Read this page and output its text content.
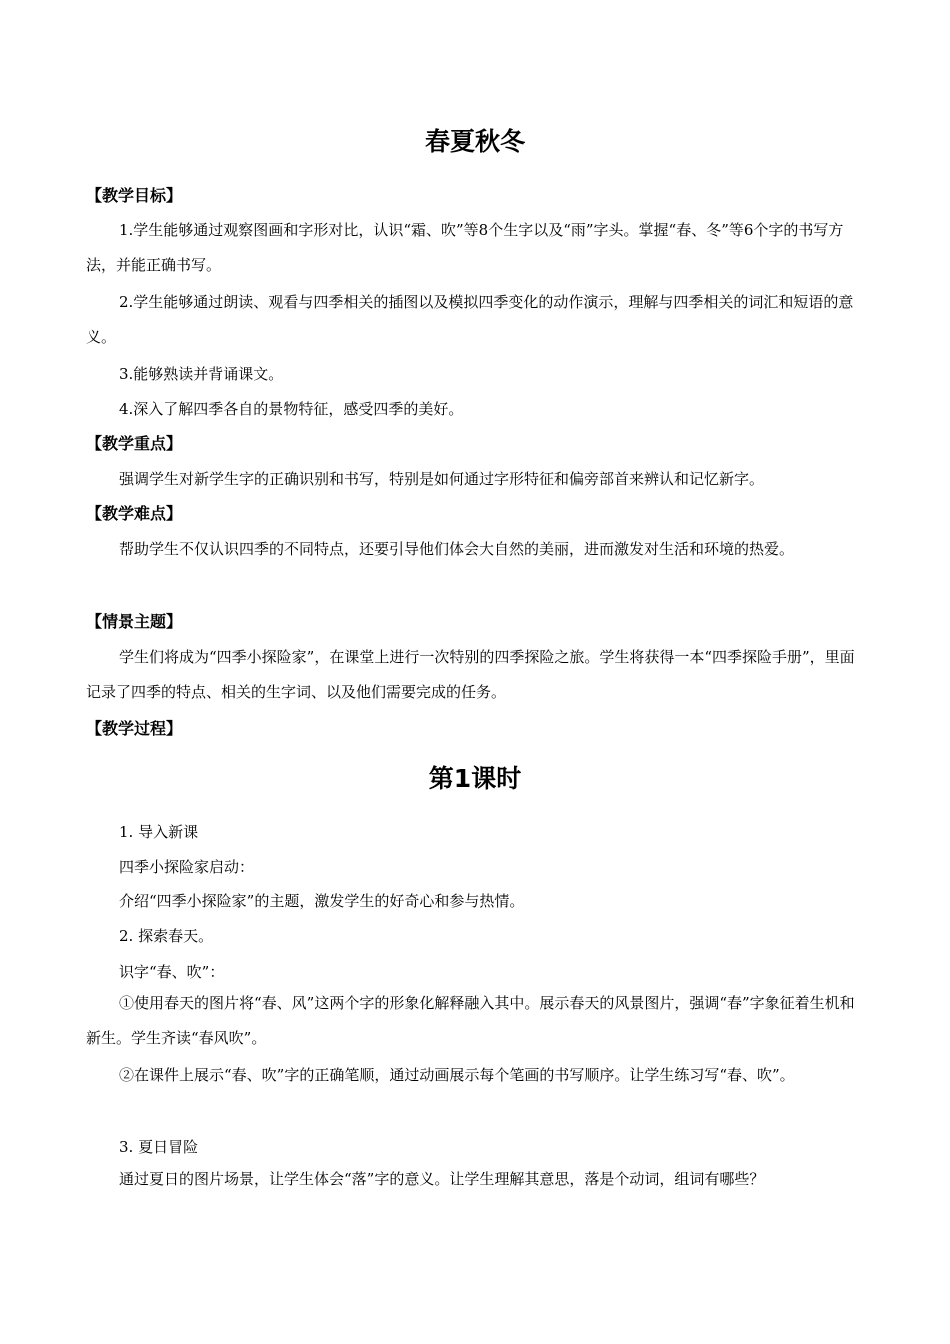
春夏秋冬
【教学目标】

1.学生能够通过观察图画和字形对比，认识“霜、吹”等8个生字以及“雨”字头。掌握“春、冬”等6个字的书写方法，并能正确书写。

2.学生能够通过朗读、观看与四季相关的插图以及模拟四季变化的动作演示，理解与四季相关的词汇和短语的意义。

3.能够熟读并背诵课文。

4.深入了解四季各自的景物特征，感受四季的美好。

【教学重点】

强调学生对新学生字的正确识别和书写，特别是如何通过字形特征和偏旁部首来辨认和记忆新字。

【教学难点】

帮助学生不仅认识四季的不同特点，还要引导他们体会大自然的美丽，进而激发对生活和环境的热爱。

【情景主题】

学生们将成为“四季小探险家”，在课堂上进行一次特别的四季探险之旅。学生将获得一本“四季探险手册”，里面记录了四季的特点、相关的生字词、以及他们需要完成的任务。

【教学过程】
第1课时
1. 导入新课
四季小探险家启动：
介绍“四季小探险家”的主题，激发学生的好奇心和参与热情。
2. 探索春天。
识字“春、吹”：

①使用春天的图片将“春、风”这两个字的形象化解释融入其中。展示春天的风景图片，强调“春”字象征着生机和新生。学生齐读“春风吹”。

②在课件上展示“春、吹”字的正确笔顺，通过动画展示每个笔画的书写顺序。让学生练习写“春、吹”。

3. 夏日冒险

通过夏日的图片场景，让学生体会“落”字的意义。让学生理解其意思，落是个动词，组词有哪些？
